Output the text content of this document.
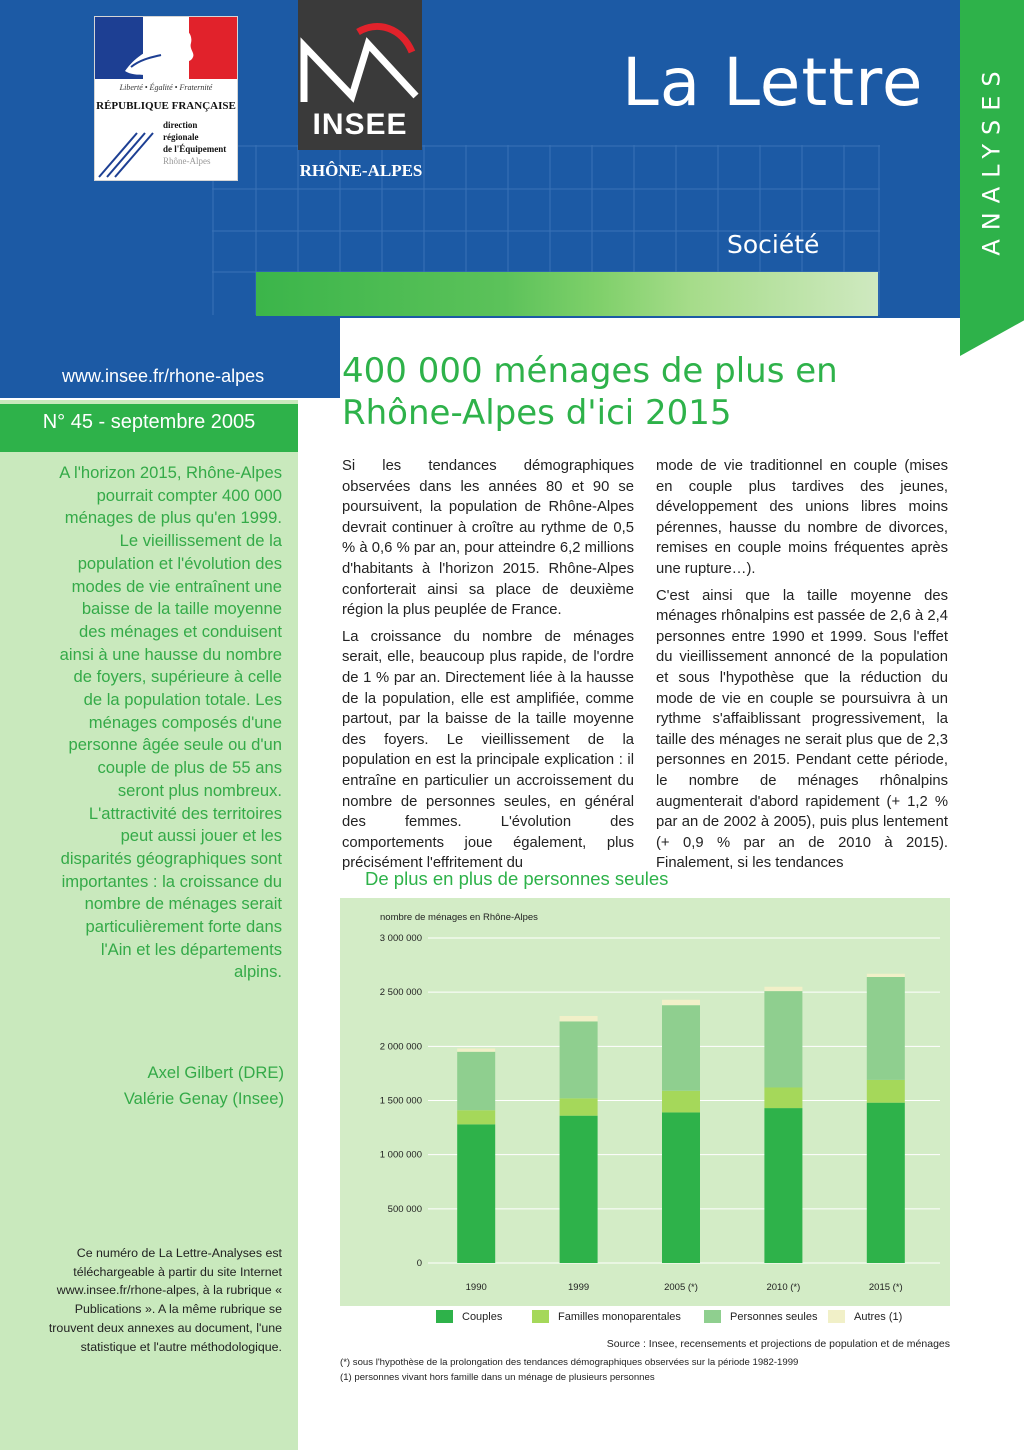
ANALYSES
Liberté • Égalité • Fraternité
RÉPUBLIQUE FRANÇAISE
direction
régionale
de l'Équipement
Rhône-Alpes
INSEE
RHÔNE-ALPES
La Lettre
Société
www.insee.fr/rhone-alpes
N° 45 - septembre 2005

A l'horizon 2015, Rhône-Alpes pourrait compter 400 000 ménages de plus qu'en 1999. Le vieillissement de la population et l'évolution des modes de vie entraînent une baisse de la taille moyenne des ménages et conduisent ainsi à une hausse du nombre de foyers, supérieure à celle de la population totale. Les ménages composés d'une personne âgée seule ou d'un couple de plus de 55 ans seront plus nombreux. L'attractivité des territoires peut aussi jouer et les disparités géographiques sont importantes : la croissance du nombre de ménages serait particulièrement forte dans l'Ain et les départements alpins.

Axel Gilbert (DRE)
Valérie Genay (Insee)

Ce numéro de La Lettre-Analyses est téléchargeable à partir du site Internet www.insee.fr/rhone-alpes, à la rubrique « Publications ». A la même rubrique se trouvent deux annexes au document, l'une statistique et l'autre méthodologique.

400 000 ménages de plus en Rhône-Alpes d'ici 2015

Si les tendances démographiques observées dans les années 80 et 90 se poursuivent, la population de Rhône-Alpes devrait continuer à croître au rythme de 0,5 % à 0,6 % par an, pour atteindre 6,2 millions d'habitants à l'horizon 2015. Rhône-Alpes conforterait ainsi sa place de deuxième région la plus peuplée de France.

La croissance du nombre de ménages serait, elle, beaucoup plus rapide, de l'ordre de 1 % par an. Directement liée à la hausse de la population, elle est amplifiée, comme partout, par la baisse de la taille moyenne des foyers. Le vieillissement de la population en est la principale explication : il entraîne en particulier un accroissement du nombre de personnes seules, en général des femmes. L'évolution des comportements joue également, plus précisément l'effritement du

mode de vie traditionnel en couple (mises en couple plus tardives des jeunes, développement des unions libres moins pérennes, hausse du nombre de divorces, remises en couple moins fréquentes après une rupture…).

C'est ainsi que la taille moyenne des ménages rhônalpins est passée de 2,6 à 2,4 personnes entre 1990 et 1999. Sous l'effet du vieillissement annoncé de la population et sous l'hypothèse que la réduction du mode de vie en couple se poursuivra à un rythme s'affaiblissant progressivement, la taille des ménages ne serait plus que de 2,3 personnes en 2015. Pendant cette période, le nombre de ménages rhônalpins augmenterait d'abord rapidement (+ 1,2 % par an de 2002 à 2005), puis plus lentement (+ 0,9 % par an de 2010 à 2015). Finalement, si les tendances

De plus en plus de personnes seules
nombre de ménages en Rhône-Alpes
0
500 000
1 000 000
1 500 000
2 000 000
2 500 000
3 000 000
1990	1999	2005 (*)	2010 (*)	2015 (*)
Couples	Familles monoparentales	Personnes seules	Autres (1)
Source : Insee, recensements et projections de population et de ménages
(*) sous l'hypothèse de la prolongation des tendances démographiques observées sur la période 1982-1999
(1) personnes vivant hors famille dans un ménage de plusieurs personnes
